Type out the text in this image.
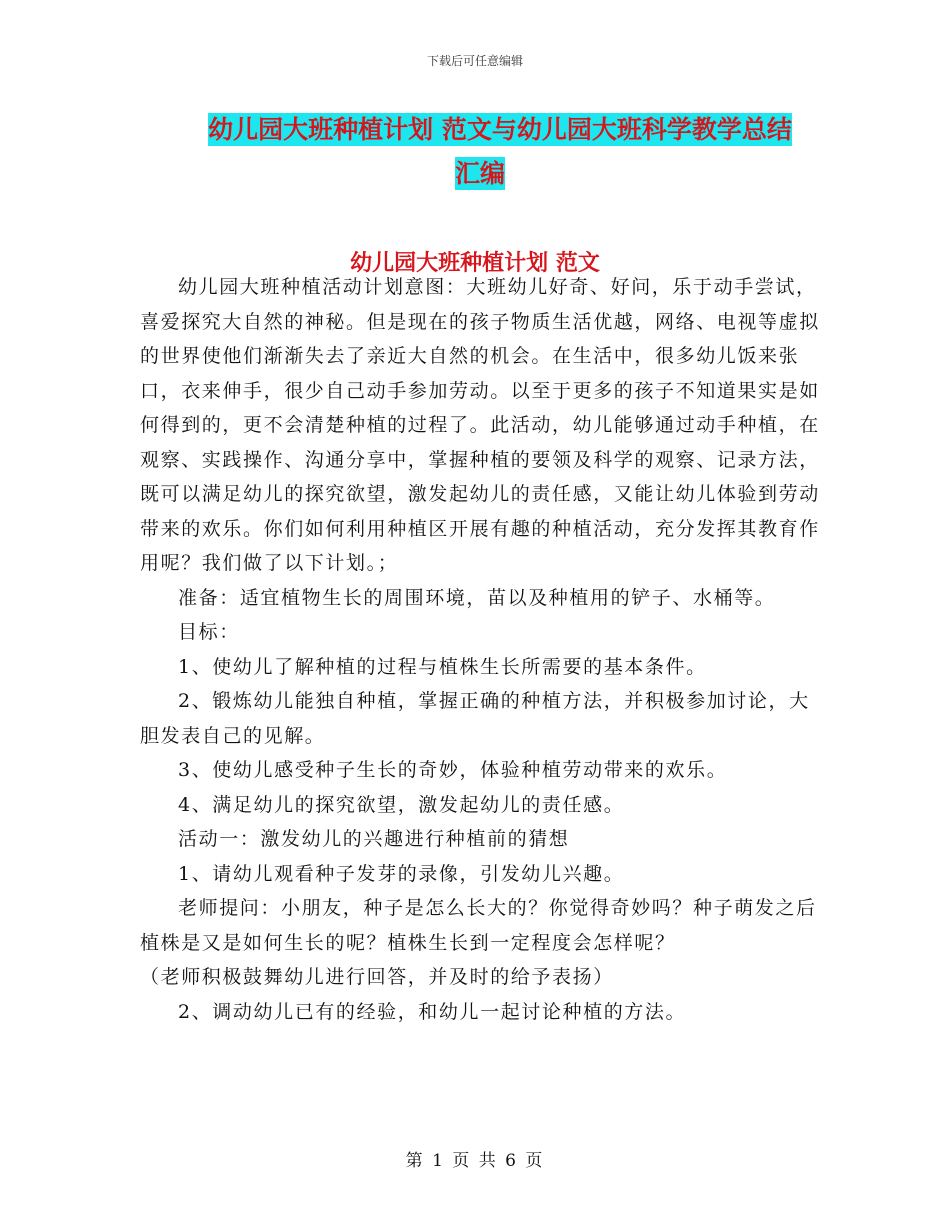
下载后可任意编辑
幼儿园大班种植计划 范文与幼儿园大班科学教学总结
汇编
幼儿园大班种植计划 范文

幼儿园大班种植活动计划意图：大班幼儿好奇、好问，乐于动手尝试，喜爱探究大自然的神秘。但是现在的孩子物质生活优越，网络、电视等虚拟的世界使他们渐渐失去了亲近大自然的机会。在生活中，很多幼儿饭来张口，衣来伸手，很少自己动手参加劳动。以至于更多的孩子不知道果实是如何得到的，更不会清楚种植的过程了。此活动，幼儿能够通过动手种植，在观察、实践操作、沟通分享中，掌握种植的要领及科学的观察、记录方法，既可以满足幼儿的探究欲望，激发起幼儿的责任感，又能让幼儿体验到劳动带来的欢乐。你们如何利用种植区开展有趣的种植活动，充分发挥其教育作用呢？我们做了以下计划。；

准备：适宜植物生长的周围环境，苗以及种植用的铲子、水桶等。

目标：

1、使幼儿了解种植的过程与植株生长所需要的基本条件。

2、锻炼幼儿能独自种植，掌握正确的种植方法，并积极参加讨论，大胆发表自己的见解。

3、使幼儿感受种子生长的奇妙，体验种植劳动带来的欢乐。

4、满足幼儿的探究欲望，激发起幼儿的责任感。

活动一：激发幼儿的兴趣进行种植前的猜想

1、请幼儿观看种子发芽的录像，引发幼儿兴趣。

老师提问：小朋友，种子是怎么长大的？你觉得奇妙吗？种子萌发之后植株是又是如何生长的呢？植株生长到一定程度会怎样呢？

（老师积极鼓舞幼儿进行回答，并及时的给予表扬）

2、调动幼儿已有的经验，和幼儿一起讨论种植的方法。

第 1 页 共 6 页
